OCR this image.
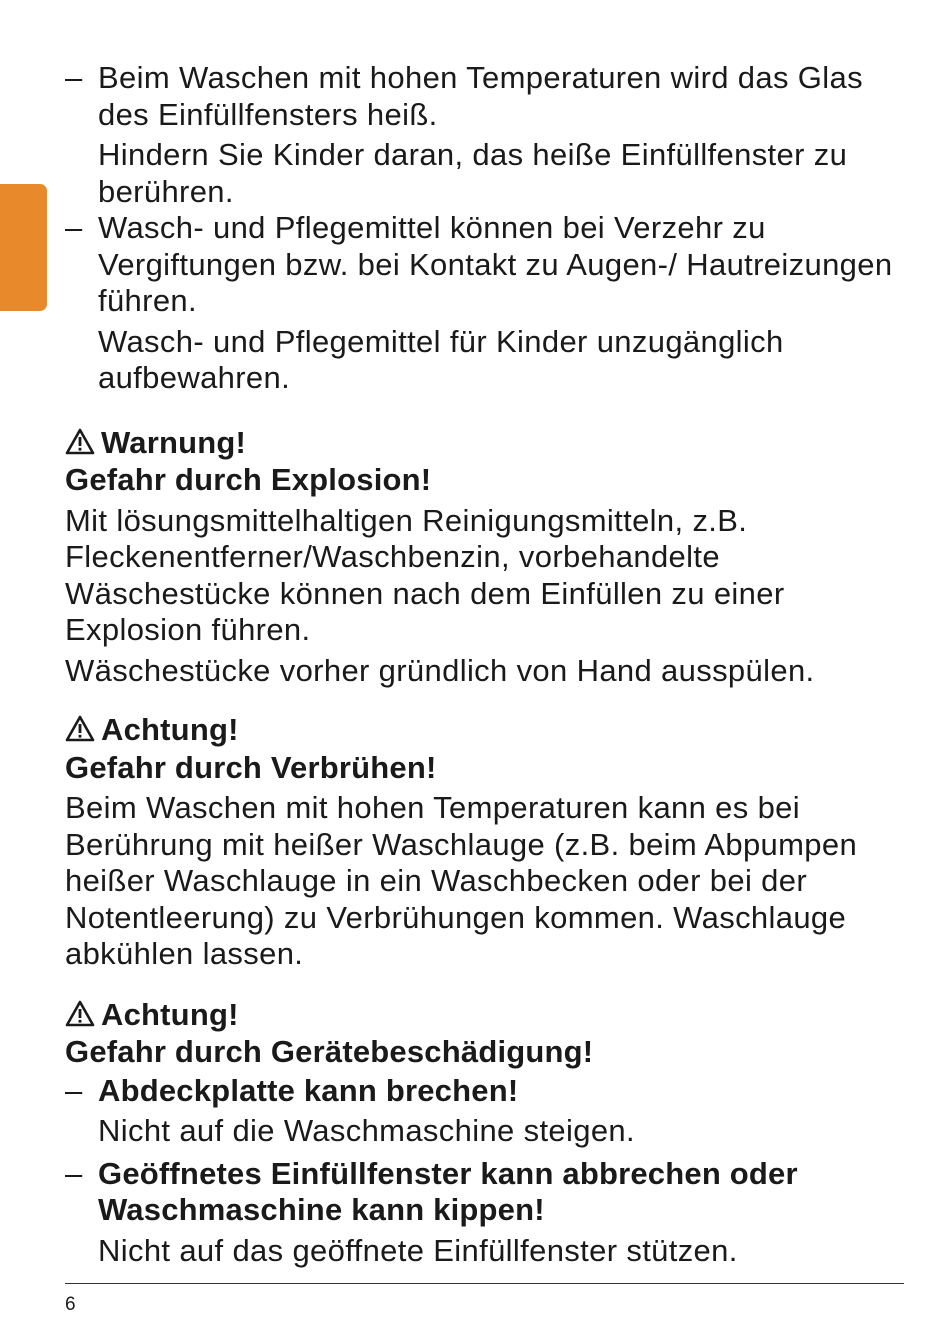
– Beim Waschen mit hohen Temperaturen wird das Glas des Einfüllfensters heiß.
Hindern Sie Kinder daran, das heiße Einfüllfenster zu berühren.
– Wasch- und Pflegemittel können bei Verzehr zu Vergiftungen bzw. bei Kontakt zu Augen-/ Hautreizungen führen.
Wasch- und Pflegemittel für Kinder unzugänglich aufbewahren.
Warnung!
Gefahr durch Explosion!
Mit lösungsmittelhaltigen Reinigungsmitteln, z.B. Fleckenentferner/Waschbenzin, vorbehandelte Wäschestücke können nach dem Einfüllen zu einer Explosion führen.
Wäschestücke vorher gründlich von Hand ausspülen.
Achtung!
Gefahr durch Verbrühen!
Beim Waschen mit hohen Temperaturen kann es bei Berührung mit heißer Waschlauge (z.B. beim Abpumpen heißer Waschlauge in ein Waschbecken oder bei der Notentleerung) zu Verbrühungen kommen. Waschlauge abkühlen lassen.
Achtung!
Gefahr durch Gerätebeschädigung!
– Abdeckplatte kann brechen!
Nicht auf die Waschmaschine steigen.
– Geöffnetes Einfüllfenster kann abbrechen oder Waschmaschine kann kippen!
Nicht auf das geöffnete Einfüllfenster stützen.
6
